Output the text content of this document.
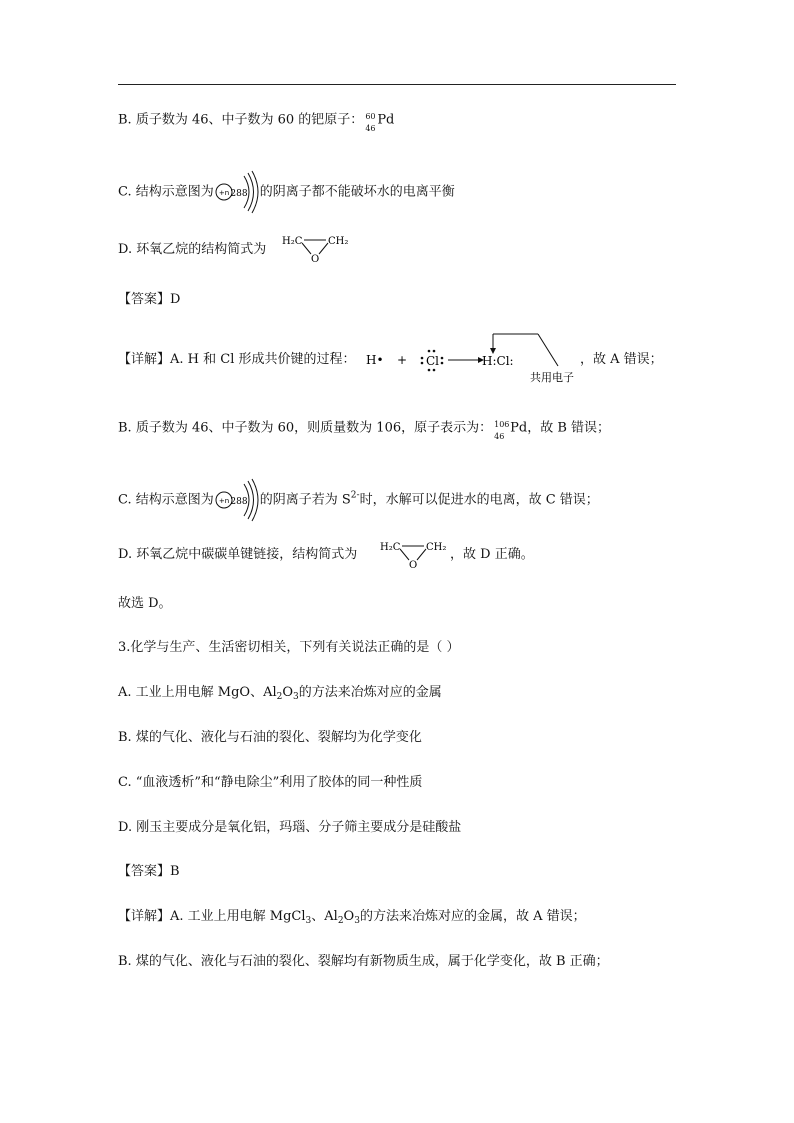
B. 质子数为 46、中子数为 60 的钯原子： 60
46
Pd
C. 结构示意图为 +n 288 的阴离子都不能破坏水的电离平衡
D. 环氧乙烷的结构简式为
H₂C	CH₂
O
【答案】D
【详解】A. H 和 Cl 形成共价键的过程： H• + Cl	H:Cl:
共用电子
，故 A 错误；
B. 质子数为 46、中子数为 60，则质量数为 106，原子表示为： 106
46
Pd，故 B 错误；
C. 结构示意图为 +n 288 的阴离子若为 $S^{2-}$时，水解可以促进水的电离，故 C 错误；
D. 环氧乙烷中碳碳单键链接，结构简式为 H₂C	CH₂
O
，故 D 正确。
故选 D。
3.化学与生产、生活密切相关，下列有关说法正确的是（ ）
A. 工业上用电解 MgO、$Al_2O_3$的方法来冶炼对应的金属
B. 煤的气化、液化与石油的裂化、裂解均为化学变化
C. “血液透析”和“静电除尘”利用了胶体的同一种性质
D. 刚玉主要成分是氧化铝，玛瑙、分子筛主要成分是硅酸盐
【答案】B
【详解】A. 工业上用电解 MgCl$_3$、$Al_2O_3$的方法来冶炼对应的金属，故 A 错误；
B. 煤的气化、液化与石油的裂化、裂解均有新物质生成，属于化学变化，故 B 正确；
